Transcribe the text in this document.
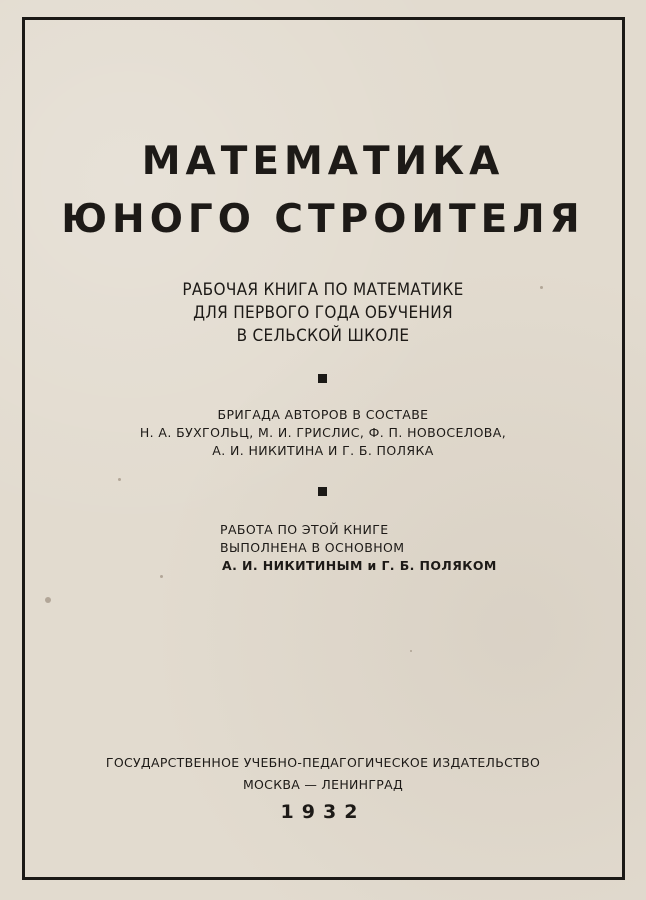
МАТЕМАТИКА
ЮНОГО СТРОИТЕЛЯ
РАБОЧАЯ КНИГА ПО МАТЕМАТИКЕ
ДЛЯ ПЕРВОГО ГОДА ОБУЧЕНИЯ
В СЕЛЬСКОЙ ШКОЛЕ
БРИГАДА АВТОРОВ В СОСТАВЕ
Н. А. БУХГОЛЬЦ, М. И. ГРИСЛИС, Ф. П. НОВОСЕЛОВА,
А. И. НИКИТИНА И Г. Б. ПОЛЯКА
РАБОТА ПО ЭТОЙ КНИГЕ
ВЫПОЛНЕНА В ОСНОВНОМ
А. И. НИКИТИНЫМ и Г. Б. ПОЛЯКОМ
ГОСУДАРСТВЕННОЕ УЧЕБНО-ПЕДАГОГИЧЕСКОЕ ИЗДАТЕЛЬСТВО
МОСКВА — ЛЕНИНГРАД
1932
